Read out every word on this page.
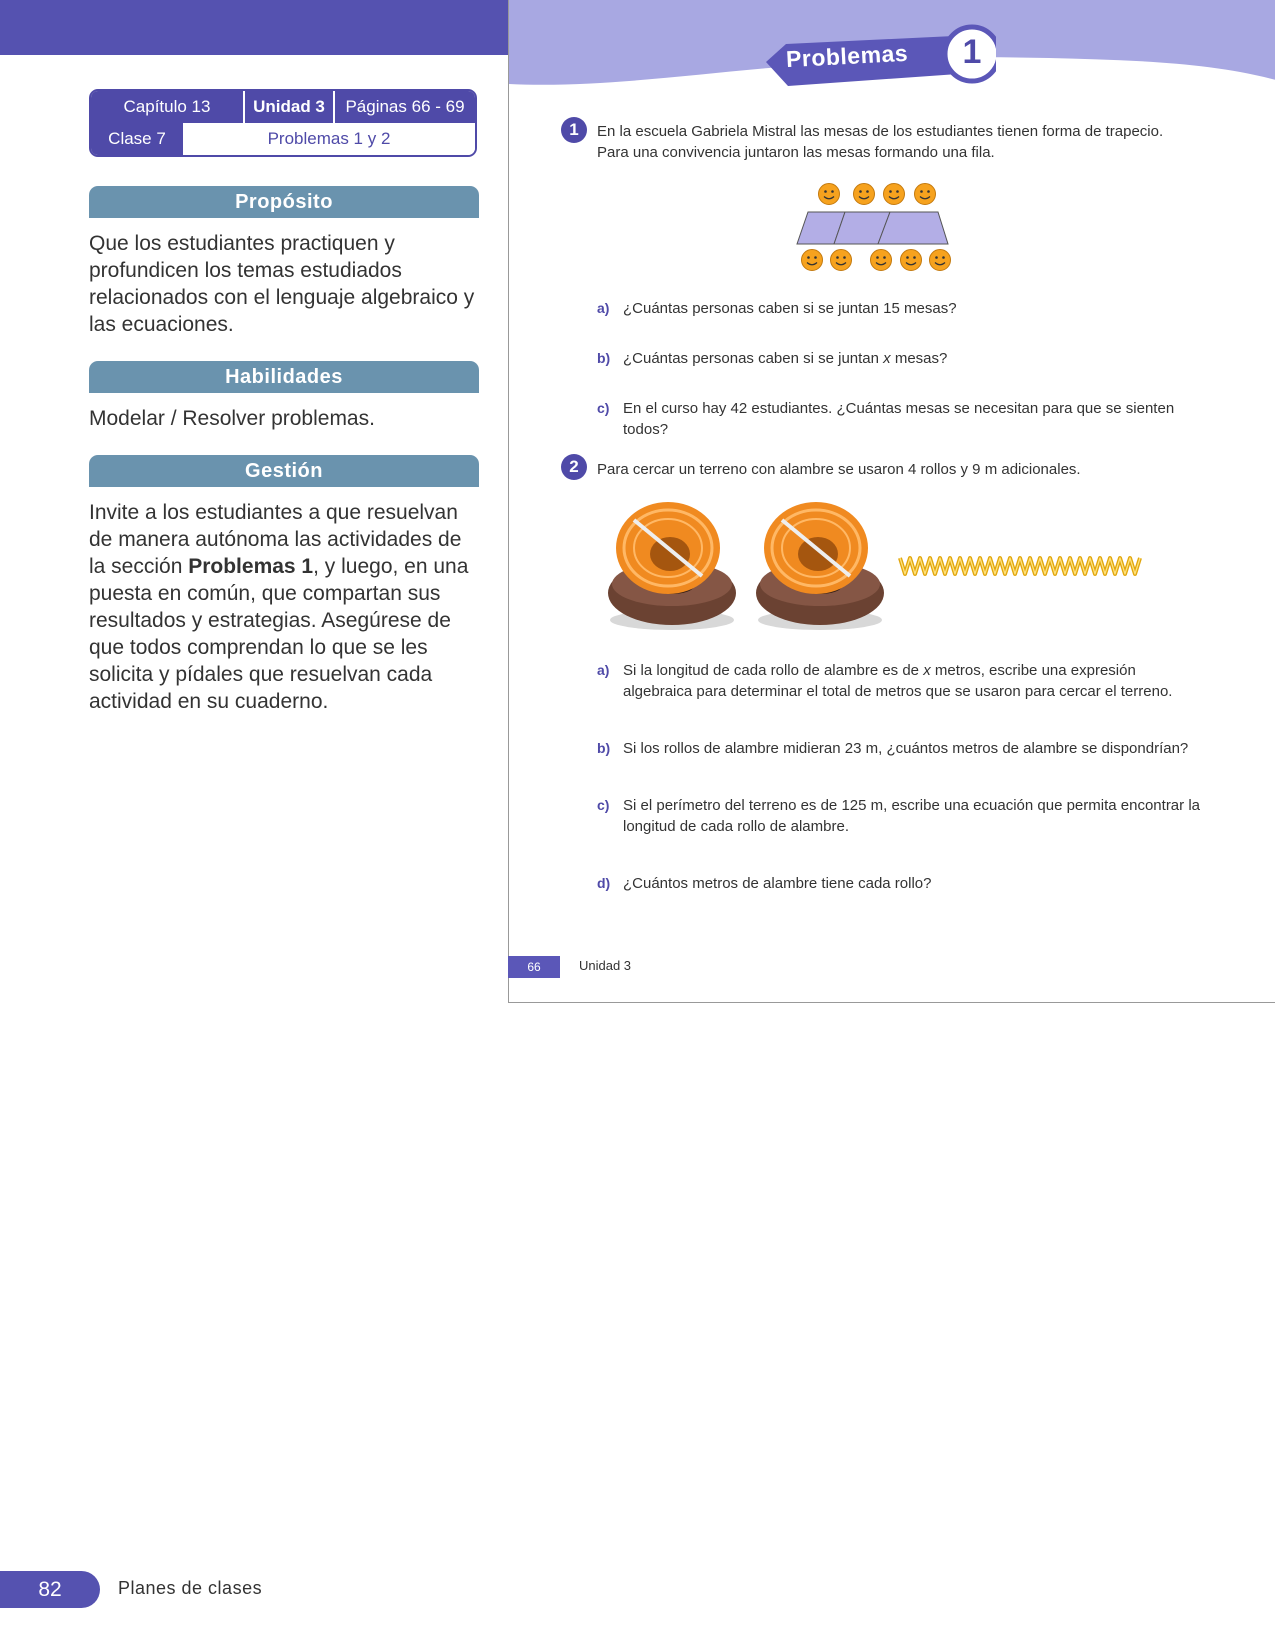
Capítulo 13	Unidad 3	Páginas 66 - 69
Clase 7	Problemas 1 y 2
Propósito

Que los estudiantes practiquen y profundicen los temas estudiados relacionados con el lenguaje algebraico y las ecuaciones.

Habilidades

Modelar / Resolver problemas.

Gestión

Invite a los estudiantes a que resuelvan de manera autónoma las actividades de la sección Problemas 1, y luego, en una puesta en común, que compartan sus resultados y estrategias. Asegúrese de que todos comprendan lo que se les solicita y pídales que resuelvan cada actividad en su cuaderno.

Problemas	1
1	En la escuela Gabriela Mistral las mesas de los estudiantes tienen forma de trapecio.
Para una convivencia juntaron las mesas formando una fila.

a) ¿Cuántas personas caben si se juntan 15 mesas?
b) ¿Cuántas personas caben si se juntan x mesas?
c) En el curso hay 42 estudiantes. ¿Cuántas mesas se necesitan para que se sienten todos?
2	Para cercar un terreno con alambre se usaron 4 rollos y 9 m adicionales.

a) Si la longitud de cada rollo de alambre es de x metros, escribe una expresión algebraica para determinar el total de metros que se usaron para cercar el terreno.
b) Si los rollos de alambre midieran 23 m, ¿cuántos metros de alambre se dispondrían?
c) Si el perímetro del terreno es de 125 m, escribe una ecuación que permita encontrar la longitud de cada rollo de alambre.
d) ¿Cuántos metros de alambre tiene cada rollo?
66	Unidad 3
82	Planes de clases
